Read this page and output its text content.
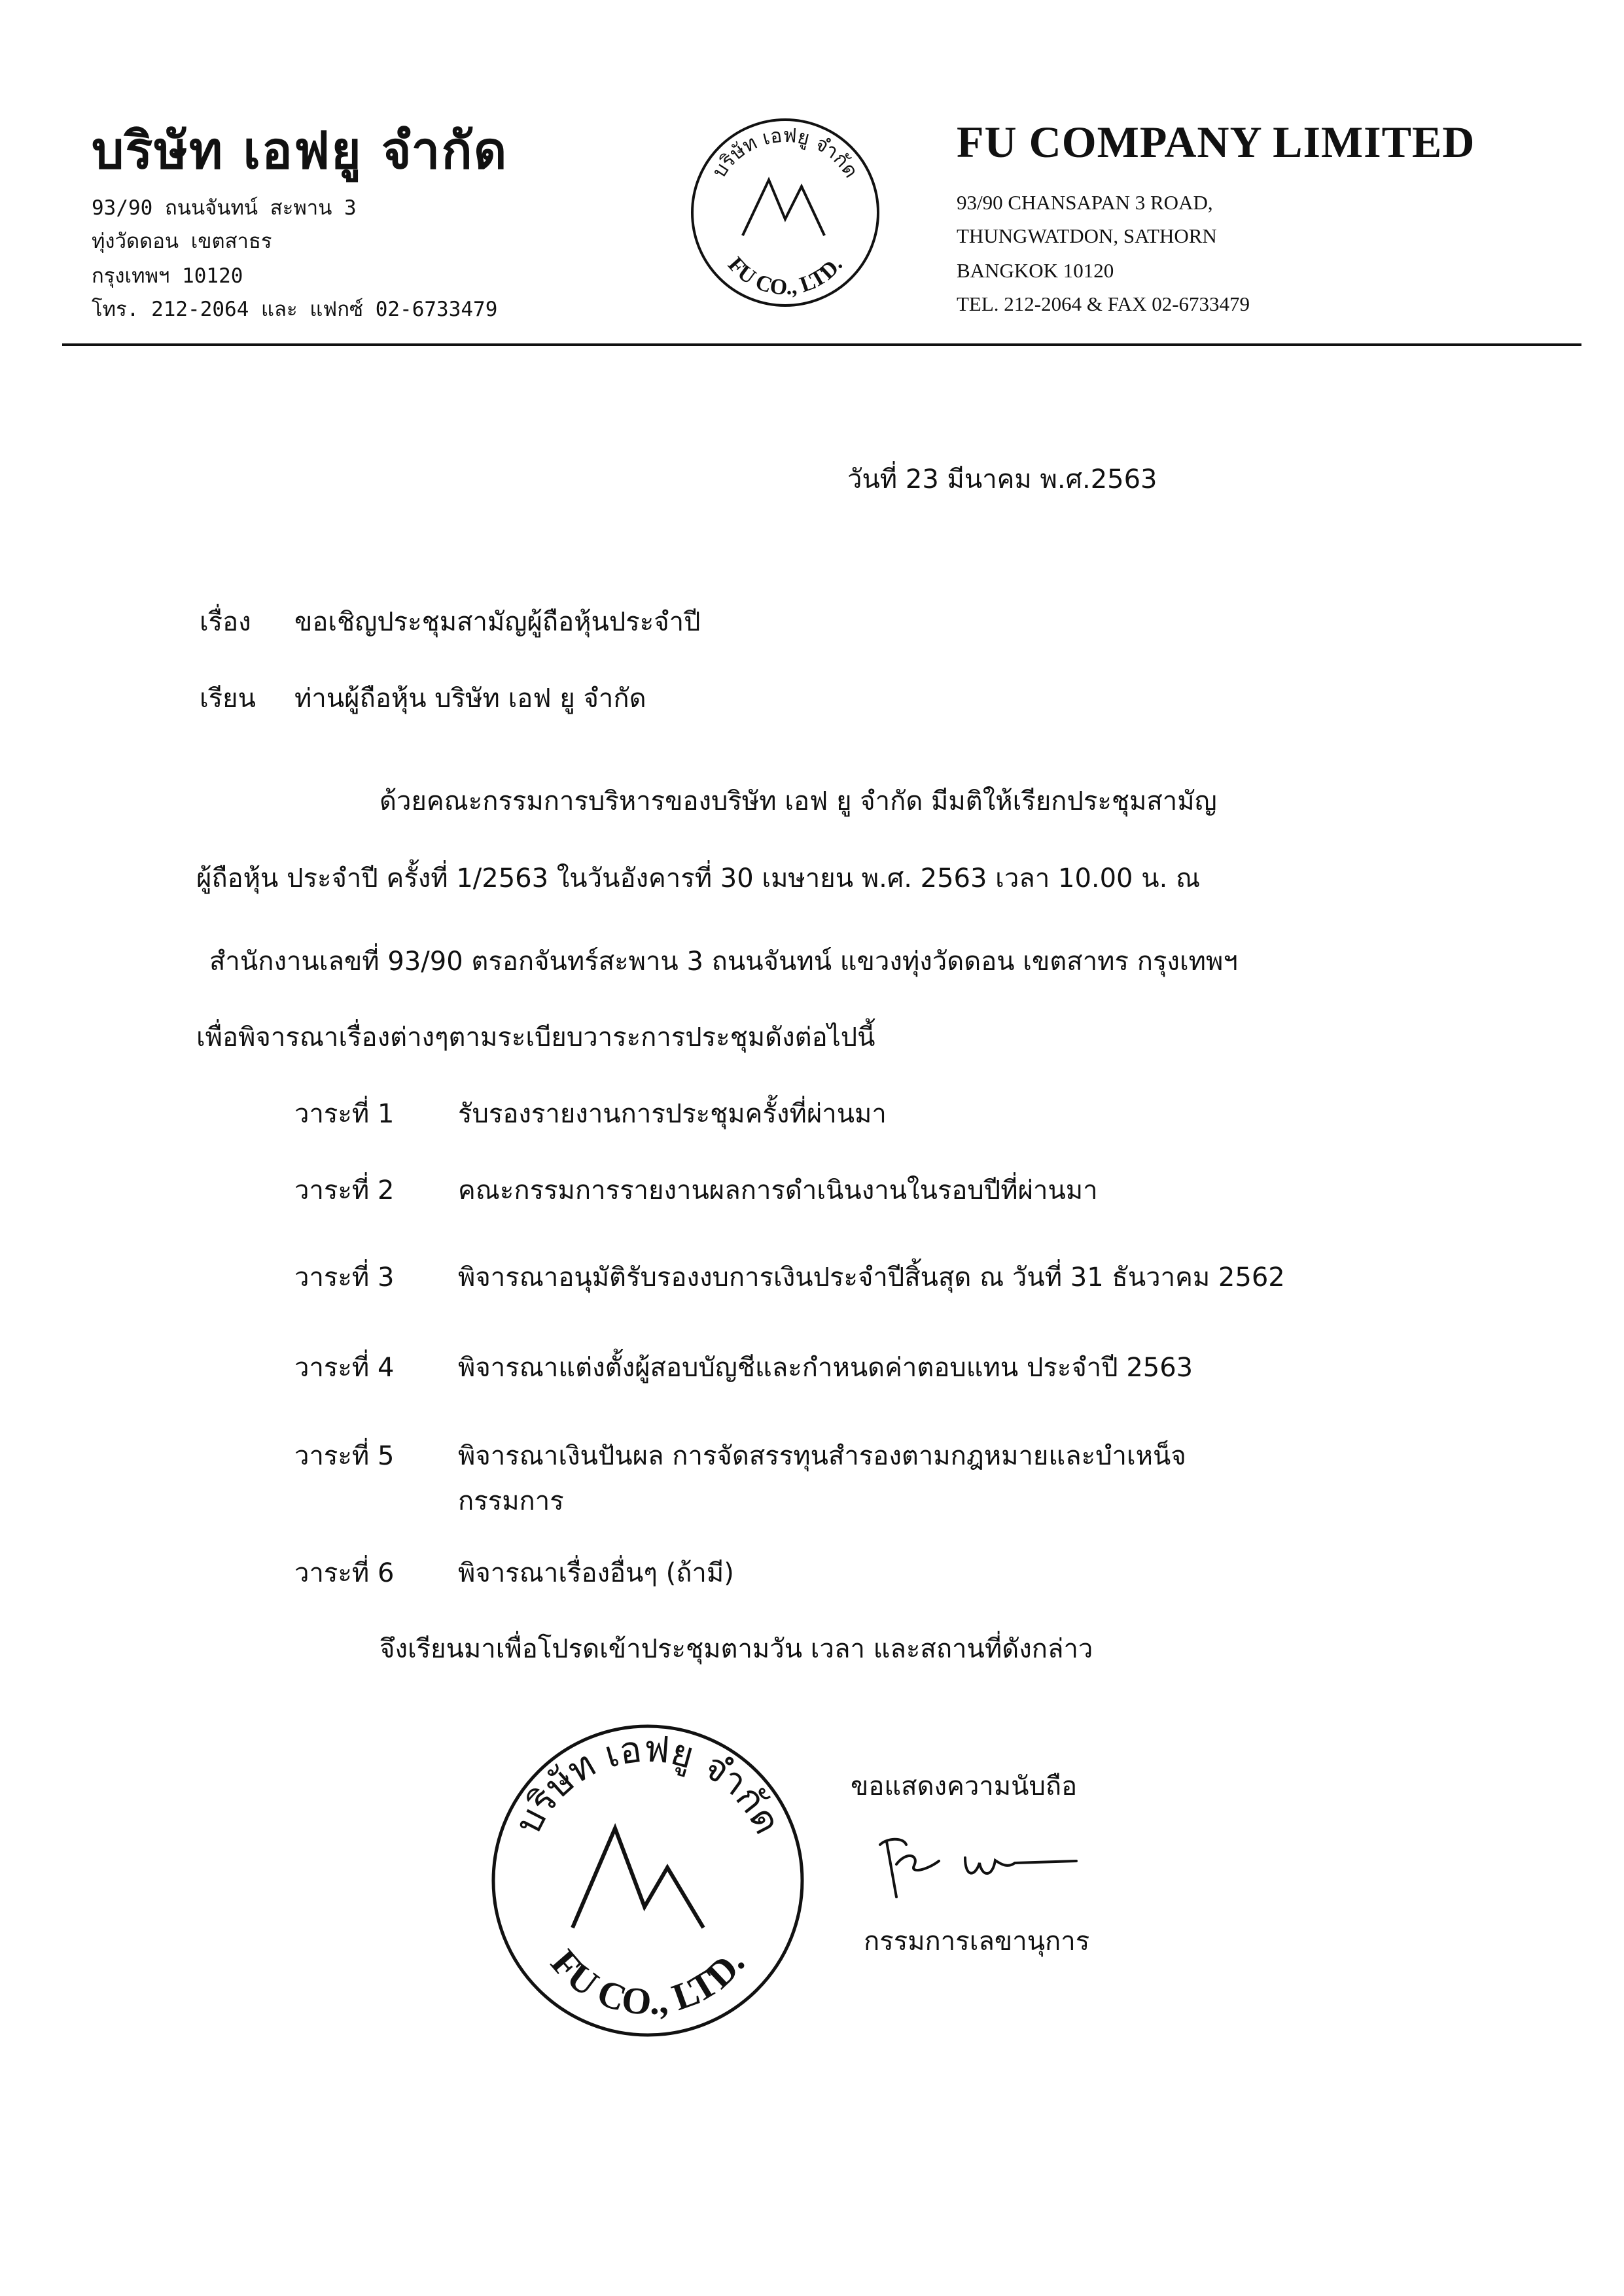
บริษัท เอฟยู จำกัด
93/90 ถนนจันทน์ สะพาน 3
ทุ่งวัดดอน เขตสาธร
กรุงเทพฯ 10120
โทร. 212-2064 และ แฟกซ์ 02-6733479
บริษัท เอฟยู จำกัด
FU CO., LTD.
FU COMPANY LIMITED
93/90 CHANSAPAN 3 ROAD,
THUNGWATDON, SATHORN
BANGKOK 10120
TEL. 212-2064 & FAX 02-6733479
วันที่ 23 มีนาคม พ.ศ.2563
เรื่อง ขอเชิญประชุมสามัญผู้ถือหุ้นประจำปี
เรียน ท่านผู้ถือหุ้น บริษัท เอฟ ยู จำกัด
ด้วยคณะกรรมการบริหารของบริษัท เอฟ ยู จำกัด มีมติให้เรียกประชุมสามัญ
ผู้ถือหุ้น ประจำปี ครั้งที่ 1/2563 ในวันอังคารที่ 30 เมษายน พ.ศ. 2563 เวลา 10.00 น. ณ
สำนักงานเลขที่ 93/90 ตรอกจันทร์สะพาน 3 ถนนจันทน์ แขวงทุ่งวัดดอน เขตสาทร กรุงเทพฯ
เพื่อพิจารณาเรื่องต่างๆตามระเบียบวาระการประชุมดังต่อไปนี้
วาระที่ 1 รับรองรายงานการประชุมครั้งที่ผ่านมา
วาระที่ 2 คณะกรรมการรายงานผลการดำเนินงานในรอบปีที่ผ่านมา
วาระที่ 3 พิจารณาอนุมัติรับรองงบการเงินประจำปีสิ้นสุด ณ วันที่ 31 ธันวาคม 2562
วาระที่ 4 พิจารณาแต่งตั้งผู้สอบบัญชีและกำหนดค่าตอบแทน ประจำปี 2563
วาระที่ 5 พิจารณาเงินปันผล การจัดสรรทุนสำรองตามกฎหมายและบำเหน็จ
กรรมการ
วาระที่ 6 พิจารณาเรื่องอื่นๆ (ถ้ามี)
จึงเรียนมาเพื่อโปรดเข้าประชุมตามวัน เวลา และสถานที่ดังกล่าว
บริษัท เอฟยู จำกัด
FU CO., LTD.
ขอแสดงความนับถือ
กรรมการเลขานุการ
